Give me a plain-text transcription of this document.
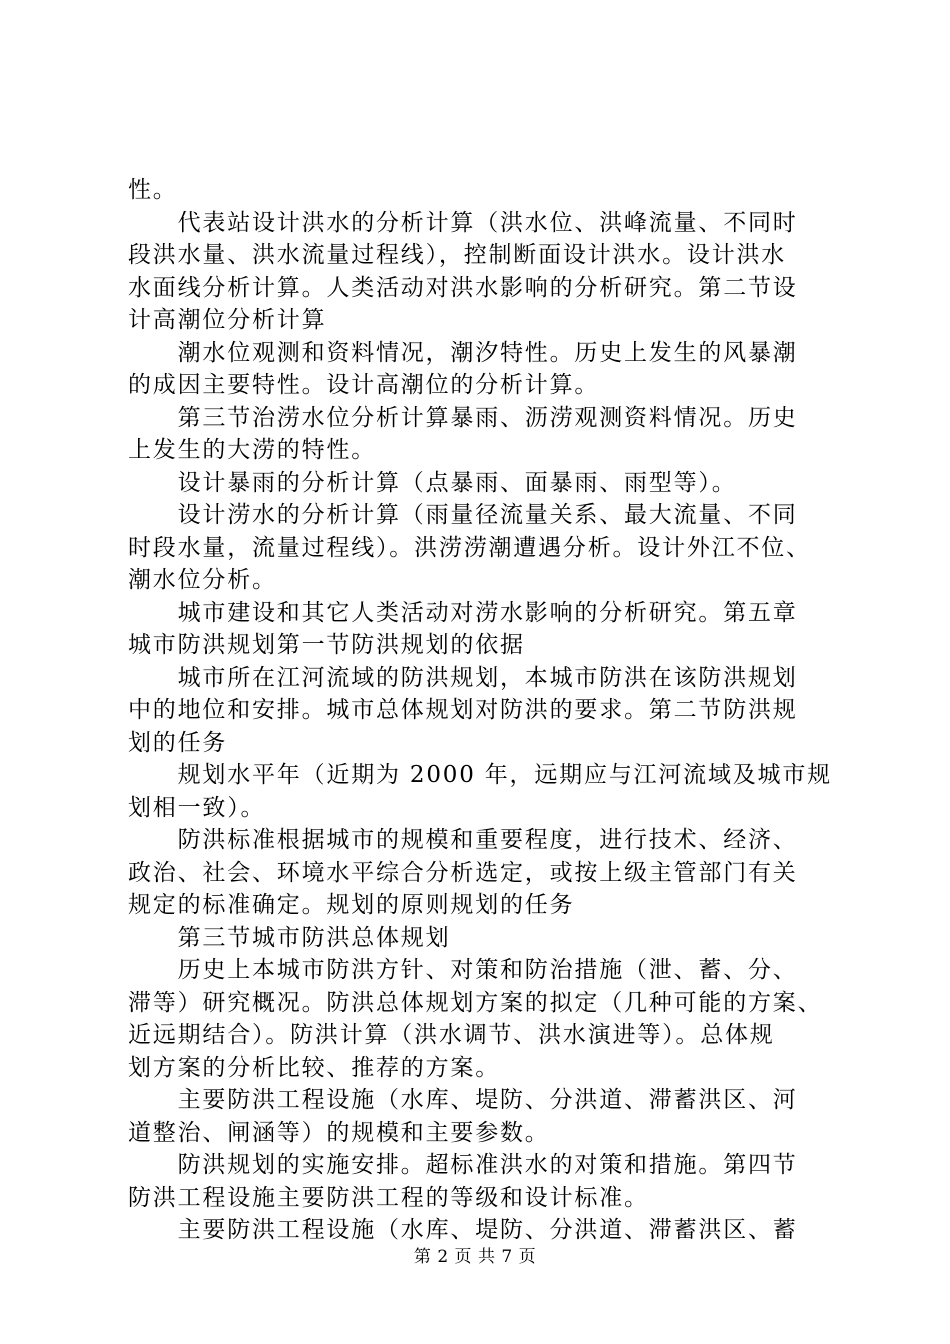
性。

　　代表站设计洪水的分析计算（洪水位、洪峰流量、不同时

段洪水量、洪水流量过程线），控制断面设计洪水。设计洪水

水面线分析计算。人类活动对洪水影响的分析研究。第二节设

计高潮位分析计算

　　潮水位观测和资料情况，潮汐特性。历史上发生的风暴潮

的成因主要特性。设计高潮位的分析计算。

　　第三节治涝水位分析计算暴雨、沥涝观测资料情况。历史

上发生的大涝的特性。

　　设计暴雨的分析计算（点暴雨、面暴雨、雨型等）。

　　设计涝水的分析计算（雨量径流量关系、最大流量、不同

时段水量，流量过程线）。洪涝涝潮遭遇分析。设计外江不位、

潮水位分析。

　　城市建设和其它人类活动对涝水影响的分析研究。第五章

城市防洪规划第一节防洪规划的依据

　　城市所在江河流域的防洪规划，本城市防洪在该防洪规划

中的地位和安排。城市总体规划对防洪的要求。第二节防洪规

划的任务

　　规划水平年（近期为 2000 年，远期应与江河流域及城市规

划相一致）。

　　防洪标准根据城市的规模和重要程度，进行技术、经济、

政治、社会、环境水平综合分析选定，或按上级主管部门有关

规定的标准确定。规划的原则规划的任务

　　第三节城市防洪总体规划

　　历史上本城市防洪方针、对策和防治措施（泄、蓄、分、

滞等）研究概况。防洪总体规划方案的拟定（几种可能的方案、

近远期结合）。防洪计算（洪水调节、洪水演进等）。总体规

划方案的分析比较、推荐的方案。

　　主要防洪工程设施（水库、堤防、分洪道、滞蓄洪区、河

道整治、闸涵等）的规模和主要参数。

　　防洪规划的实施安排。超标准洪水的对策和措施。第四节

防洪工程设施主要防洪工程的等级和设计标准。

　　主要防洪工程设施（水库、堤防、分洪道、滞蓄洪区、蓄

第 2 页 共 7 页
